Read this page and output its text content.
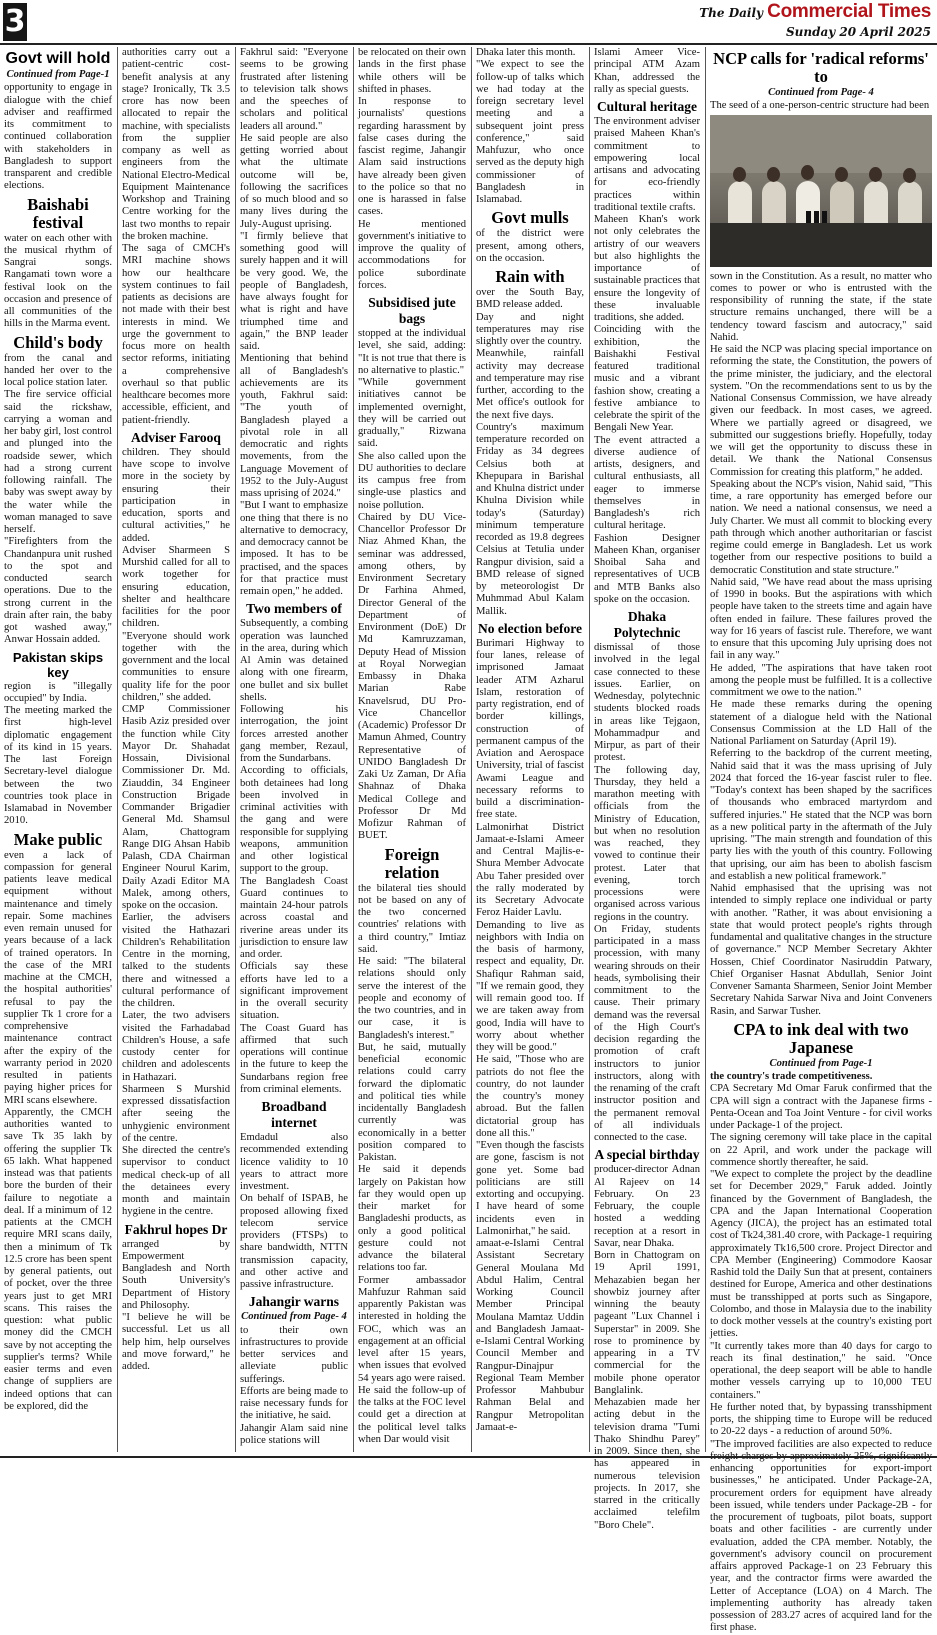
3	The Daily Commercial Times
Sunday 20 April 2025
Govt will hold
Continued from Page-1

opportunity to engage in dialogue with the chief adviser and reaffirmed its commitment to continued collaboration with stakeholders in Bangladesh to support transparent and credible elections.

Baishabi festival

water on each other with the musical rhythm of Sangrai songs. Rangamati town wore a festival look on the occasion and presence of all communities of the hills in the Marma event.

Child's body

from the canal and handed her over to the local police station later.

The fire service official said the rickshaw, carrying a woman and her baby girl, lost control and plunged into the roadside sewer, which had a strong current following rainfall. The baby was swept away by the water while the woman managed to save herself.

"Firefighters from the Chandanpura unit rushed to the spot and conducted search operations. Due to the strong current in the drain after rain, the baby got washed away," Anwar Hossain added.

Pakistan skips key

region is "illegally occupied" by India.

The meeting marked the first high-level diplomatic engagement of its kind in 15 years. The last Foreign Secretary-level dialogue between the two countries took place in Islamabad in November 2010.

Make public

even a lack of compassion for general patients leave medical equipment without maintenance and timely repair. Some machines even remain unused for years because of a lack of trained operators. In the case of the MRI machine at the CMCH, the hospital authorities' refusal to pay the supplier Tk 1 crore for a comprehensive maintenance contract after the expiry of the warranty period in 2020 resulted in patients paying higher prices for MRI scans elsewhere.

Apparently, the CMCH authorities wanted to save Tk 35 lakh by offering the supplier Tk 65 lakh. What happened instead was that patients bore the burden of their failure to negotiate a deal. If a minimum of 12 patients at the CMCH require MRI scans daily, then a minimum of Tk 12.5 crore has been spent by general patients, out of pocket, over the three years just to get MRI scans. This raises the question: what public money did the CMCH save by not accepting the supplier's terms? While easier terms and even change of suppliers are indeed options that can be explored, did the

authorities carry out a patient-centric cost-benefit analysis at any stage? Ironically, Tk 3.5 crore has now been allocated to repair the machine, with specialists from the supplier company as well as engineers from the National Electro-Medical Equipment Maintenance Workshop and Training Centre working for the last two months to repair the broken machine.

The saga of CMCH's MRI machine shows how our healthcare system continues to fail patients as decisions are not made with their best interests in mind. We urge the government to focus more on health sector reforms, initiating a comprehensive overhaul so that public healthcare becomes more accessible, efficient, and patient-friendly.

Adviser Farooq

children. They should have scope to involve more in the society by ensuring their participation in education, sports and cultural activities," he added.

Adviser Sharmeen S Murshid called for all to work together for ensuring education, shelter and healthcare facilities for the poor children.

"Everyone should work together with the government and the local communities to ensure quality life for the poor children," she added.

CMP Commissioner Hasib Aziz presided over the function while City Mayor Dr. Shahadat Hossain, Divisional Commissioner Dr. Md. Ziauddin, 34 Engineer Construction Brigade Commander Brigadier General Md. Shamsul Alam, Chattogram Range DIG Ahsan Habib Palash, CDA Chairman Engineer Nourul Karim, Daily Azadi Editor MA Malek, among others, spoke on the occasion.

Earlier, the advisers visited the Hathazari Children's Rehabilitation Centre in the morning, talked to the students there and witnessed a cultural performance of the children.

Later, the two advisers visited the Farhadabad Children's House, a safe custody center for children and adolescents in Hathazari.

Sharmeen S Murshid expressed dissatisfaction after seeing the unhygienic environment of the centre.

She directed the centre's supervisor to conduct medical check-up of all the detainees every month and maintain hygiene in the centre.

Fakhrul hopes Dr

arranged by Empowerment Bangladesh and North South University's Department of History and Philosophy.

"I believe he will be successful. Let us all help him, help ourselves and move forward," he added.

Fakhrul said: "Everyone seems to be growing frustrated after listening to television talk shows and the speeches of scholars and political leaders all around."

He said people are also getting worried about what the ultimate outcome will be, following the sacrifices of so much blood and so many lives during the July-August uprising.

"I firmly believe that something good will surely happen and it will be very good. We, the people of Bangladesh, have always fought for what is right and have triumphed time and again," the BNP leader said.

Mentioning that behind all of Bangladesh's achievements are its youth, Fakhrul said: "The youth of Bangladesh played a pivotal role in all democratic and rights movements, from the Language Movement of 1952 to the July-August mass uprising of 2024."

"But I want to emphasize one thing that there is no alternative to democracy, and democracy cannot be imposed. It has to be practised, and the spaces for that practice must remain open," he added.

Two members of

Subsequently, a combing operation was launched in the area, during which Al Amin was detained along with one firearm, one bullet and six bullet shells.

Following his interrogation, the joint forces arrested another gang member, Rezaul, from the Sundarbans.

According to officials, both detainees had long been involved in criminal activities with the gang and were responsible for supplying weapons, ammunition and other logistical support to the group.

The Bangladesh Coast Guard continues to maintain 24-hour patrols across coastal and riverine areas under its jurisdiction to ensure law and order.

Officials say these efforts have led to a significant improvement in the overall security situation.

The Coast Guard has affirmed that such operations will continue in the future to keep the Sundarbans region free from criminal elements.

Broadband internet

Emdadul also recommended extending licence validity to 10 years to attract more investment.

On behalf of ISPAB, he proposed allowing fixed telecom service providers (FTSPs) to share bandwidth, NTTN transmission capacity, and other active and passive infrastructure.

Jahangir warns
Continued from Page- 4

to their own infrastructures to provide better services and alleviate public sufferings.

Efforts are being made to raise necessary funds for the initiative, he said.

Jahangir Alam said nine police stations will

be relocated on their own lands in the first phase while others will be shifted in phases.

In response to journalists' questions regarding harassment by false cases during the fascist regime, Jahangir Alam said instructions have already been given to the police so that no one is harassed in false cases.

He mentioned government's initiative to improve the quality of accommodations for police subordinate forces.

Subsidised jute bags

stopped at the individual level, she said, adding: "It is not true that there is no alternative to plastic."

"While government initiatives cannot be implemented overnight, they will be carried out gradually," Rizwana said.

She also called upon the DU authorities to declare its campus free from single-use plastics and noise pollution.

Chaired by DU Vice-Chancellor Professor Dr Niaz Ahmed Khan, the seminar was addressed, among others, by Environment Secretary Dr Farhina Ahmed, Director General of the Department of Environment (DoE) Dr Md Kamruzzaman, Deputy Head of Mission at Royal Norwegian Embassy in Dhaka Marian Rabe Knavelsrud, DU Pro-Vice Chancellor (Academic) Professor Dr Mamun Ahmed, Country Representative of UNIDO Bangladesh Dr Zaki Uz Zaman, Dr Afia Shahnaz of Dhaka Medical College and Professor Dr Md Mofizur Rahman of BUET.

Foreign relation

the bilateral ties should not be based on any of the two concerned countries' relations with a third country," Imtiaz said.

He said: "The bilateral relations should only serve the interest of the people and economy of the two countries, and in our case, it is Bangladesh's interest."

But, he said, mutually beneficial economic relations could carry forward the diplomatic and political ties while incidentally Bangladesh currently was economically in a better position compared to Pakistan.

He said it depends largely on Pakistan how far they would open up their market for Bangladeshi products, as only a good political gesture could not advance the bilateral relations too far.

Former ambassador Mahfuzur Rahman said apparently Pakistan was interested in holding the FOC, which was an engagement at an official level after 15 years, when issues that evolved 54 years ago were raised.

He said the follow-up of the talks at the FOC level could get a direction at the political level talks when Dar would visit

Dhaka later this month.

"We expect to see the follow-up of talks which we had today at the foreign secretary level meeting and a subsequent joint press conference," said Mahfuzur, who once served as the deputy high commissioner of Bangladesh in Islamabad.

Govt mulls

of the district were present, among others, on the occasion.

Rain with

over the South Bay, BMD release added.

Day and night temperatures may rise slightly over the country.

Meanwhile, rainfall activity may decrease and temperature may rise further, according to the Met office's outlook for the next five days.

Country's maximum temperature recorded on Friday as 34 degrees Celsius both at Khepupara in Barishal and Khulna district under Khulna Division while today's (Saturday) minimum temperature recorded as 19.8 degrees Celsius at Tetulia under Rangpur division, said a BMD release of signed by meteorologist Dr Muhmmad Abul Kalam Mallik.

No election before

Burimari Highway to four lanes, release of imprisoned Jamaat leader ATM Azharul Islam, restoration of party registration, end of border killings, construction of permanent campus of the Aviation and Aerospace University, trial of fascist Awami League and necessary reforms to build a discrimination-free state.

Lalmonirhat District Jamaat-e-Islami Ameer and Central Majlis-e-Shura Member Advocate Abu Taher presided over the rally moderated by its Secretary Advocate Feroz Haider Lavlu.

Demanding to live as neighbors with India on the basis of harmony, respect and equality, Dr. Shafiqur Rahman said, "If we remain good, they will remain good too. If we are taken away from good, India will have to worry about whether they will be good."

He said, "Those who are patriots do not flee the country, do not launder the country's money abroad. But the fallen dictatorial group has done all this."

"Even though the fascists are gone, fascism is not gone yet. Some bad politicians are still extorting and occupying. I have heard of some incidents even in Lalmonirhat," he said.

amaat-e-Islami Central Assistant Secretary General Moulana Md Abdul Halim, Central Working Council Member Principal Moulana Mamtaz Uddin and Bangladesh Jamaat-e-Islami Central Working Council Member and Rangpur-Dinajpur Regional Team Member Professor Mahbubur Rahman Belal and Rangpur Metropolitan Jamaat-e-

Islami Ameer Vice-principal ATM Azam Khan, addressed the rally as special guests.

Cultural heritage

The environment adviser praised Maheen Khan's commitment to empowering local artisans and advocating for eco-friendly practices within traditional textile crafts.

Maheen Khan's work not only celebrates the artistry of our weavers but also highlights the importance of sustainable practices that ensure the longevity of these invaluable traditions, she added.

Coinciding with the exhibition, the Baishakhi Festival featured traditional music and a vibrant fashion show, creating a festive ambiance to celebrate the spirit of the Bengali New Year.

The event attracted a diverse audience of artists, designers, and cultural enthusiasts, all eager to immerse themselves in Bangladesh's rich cultural heritage.

Fashion Designer Maheen Khan, organiser Shoibal Saha and representatives of UCB and MTB Banks also spoke on the occasion.

Dhaka Polytechnic

dismissal of those involved in the legal case connected to these issues. Earlier, on Wednesday, polytechnic students blocked roads in areas like Tejgaon, Mohammadpur and Mirpur, as part of their protest.

The following day, Thursday, they held a marathon meeting with officials from the Ministry of Education, but when no resolution was reached, they vowed to continue their protest. Later that evening, torch processions were organised across various regions in the country.

On Friday, students participated in a mass procession, with many wearing shrouds on their heads, symbolising their commitment to the cause. Their primary demand was the reversal of the High Court's decision regarding the promotion of craft instructors to junior instructors, along with the renaming of the craft instructor position and the permanent removal of all individuals connected to the case.

A special birthday

producer-director Adnan Al Rajeev on 14 February. On 23 February, the couple hosted a wedding reception at a resort in Savar, near Dhaka.

Born in Chattogram on 19 April 1991, Mehazabien began her showbiz journey after winning the beauty pageant "Lux Channel i Superstar" in 2009. She rose to prominence by appearing in a TV commercial for the mobile phone operator Banglalink.

Mehazabien made her acting debut in the television drama "Tumi Thako Shindhu Parey" in 2009. Since then, she has appeared in numerous television projects. In 2017, she starred in the critically acclaimed telefilm "Boro Chele".

NCP calls for 'radical reforms' to
Continued from Page- 4

The seed of a one-person-centric structure had been

sown in the Constitution. As a result, no matter who comes to power or who is entrusted with the responsibility of running the state, if the state structure remains unchanged, there will be a tendency toward fascism and autocracy," said Nahid.

He said the NCP was placing special importance on reforming the state, the Constitution, the powers of the prime minister, the judiciary, and the electoral system. "On the recommendations sent to us by the National Consensus Commission, we have already given our feedback. In most cases, we agreed. Where we partially agreed or disagreed, we submitted our suggestions briefly. Hopefully, today we will get the opportunity to discuss these in detail. We thank the National Consensus Commission for creating this platform," he added.

Speaking about the NCP's vision, Nahid said, "This time, a rare opportunity has emerged before our nation. We need a national consensus, we need a July Charter. We must all commit to blocking every path through which another authoritarian or fascist regime could emerge in Bangladesh. Let us work together from our respective positions to build a democratic Constitution and state structure."

Nahid said, "We have read about the mass uprising of 1990 in books. But the aspirations with which people have taken to the streets time and again have often ended in failure. These failures proved the way for 16 years of fascist rule. Therefore, we want to ensure that this upcoming July uprising does not fail in any way."

He added, "The aspirations that have taken root among the people must be fulfilled. It is a collective commitment we owe to the nation."

He made these remarks during the opening statement of a dialogue held with the National Consensus Commission at the LD Hall of the National Parliament on Saturday (April 19).

Referring to the backdrop of the current meeting, Nahid said that it was the mass uprising of July 2024 that forced the 16-year fascist ruler to flee. "Today's context has been shaped by the sacrifices of thousands who embraced martyrdom and suffered injuries." He stated that the NCP was born as a new political party in the aftermath of the July uprising. "The main strength and foundation of this party lies with the youth of this country. Following that uprising, our aim has been to abolish fascism and establish a new political framework."

Nahid emphasised that the uprising was not intended to simply replace one individual or party with another. "Rather, it was about envisioning a state that would protect people's rights through fundamental and qualitative changes in the structure of governance." NCP Member Secretary Akhter Hossen, Chief Coordinator Nasiruddin Patwary, Chief Organiser Hasnat Abdullah, Senior Joint Convener Samanta Sharmeen, Senior Joint Member Secretary Nahida Sarwar Niva and Joint Conveners Rasin, and Sarwar Tusher.

CPA to ink deal with two Japanese
Continued from Page-1

the country's trade competitiveness.

CPA Secretary Md Omar Faruk confirmed that the CPA will sign a contract with the Japanese firms - Penta-Ocean and Toa Joint Venture - for civil works under Package-1 of the project.

The signing ceremony will take place in the capital on 22 April, and work under the package will commence shortly thereafter, he said.

"We expect to complete the project by the deadline set for December 2029," Faruk added. Jointly financed by the Government of Bangladesh, the CPA and the Japan International Cooperation Agency (JICA), the project has an estimated total cost of Tk24,381.40 crore, with Package-1 requiring approximately Tk16,500 crore. Project Director and CPA Member (Engineering) Commodore Kaosar Rashid told the Daily Sun that at present, containers destined for Europe, America and other destinations must be transshipped at ports such as Singapore, Colombo, and those in Malaysia due to the inability to dock mother vessels at the country's existing port jetties.

"It currently takes more than 40 days for cargo to reach its final destination," he said. "Once operational, the deep seaport will be able to handle mother vessels carrying up to 10,000 TEU containers."

He further noted that, by bypassing transshipment ports, the shipping time to Europe will be reduced to 20-22 days - a reduction of around 50%.

"The improved facilities are also expected to reduce freight charges by approximately 25%, significantly enhancing opportunities for export-import businesses," he anticipated. Under Package-2A, procurement orders for equipment have already been issued, while tenders under Package-2B - for the procurement of tugboats, pilot boats, support boats and other facilities - are currently under evaluation, added the CPA member. Notably, the government's advisory council on procurement affairs approved Package-1 on 23 February this year, and the contractor firms were awarded the Letter of Acceptance (LOA) on 4 March. The implementing authority has already taken possession of 283.27 acres of acquired land for the first phase.
